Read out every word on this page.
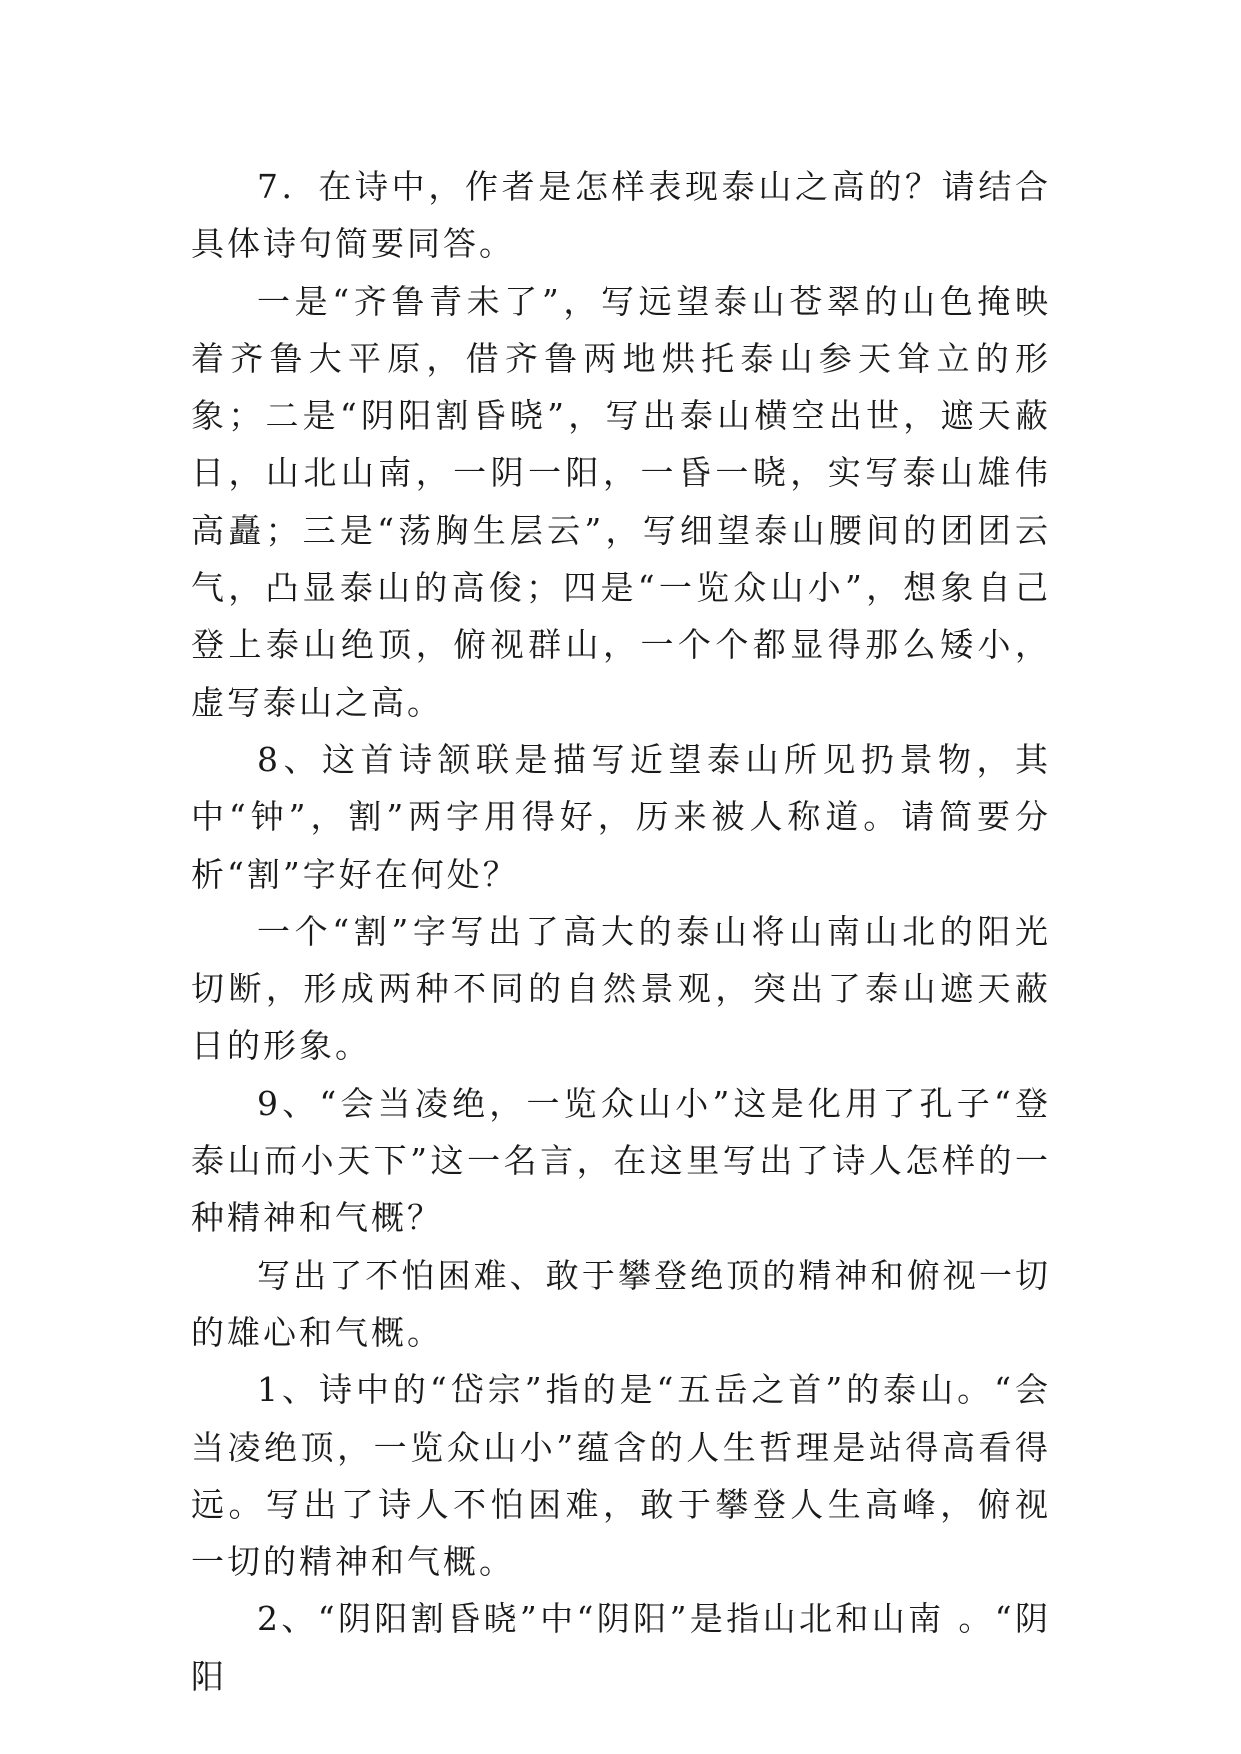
7．在诗中，作者是怎样表现泰山之高的？请结合具体诗句简要同答。

一是“齐鲁青未了”，写远望泰山苍翠的山色掩映着齐鲁大平原，借齐鲁两地烘托泰山参天耸立的形象；二是“阴阳割昏晓”，写出泰山横空出世，遮天蔽日，山北山南，一阴一阳，一昏一晓，实写泰山雄伟高矗；三是“荡胸生层云”，写细望泰山腰间的团团云气，凸显泰山的高俊；四是“一览众山小”，想象自己登上泰山绝顶，俯视群山，一个个都显得那么矮小，虚写泰山之高。

8、这首诗颔联是描写近望泰山所见扔景物，其中“钟”，割”两字用得好，历来被人称道。请简要分析“割”字好在何处？

一个“割”字写出了高大的泰山将山南山北的阳光切断，形成两种不同的自然景观，突出了泰山遮天蔽日的形象。

9、“会当凌绝，一览众山小”这是化用了孔子“登泰山而小天下”这一名言，在这里写出了诗人怎样的一种精神和气概？

写出了不怕困难、敢于攀登绝顶的精神和俯视一切的雄心和气概。

1、诗中的“岱宗”指的是“五岳之首”的泰山。“会当凌绝顶，一览众山小”蕴含的人生哲理是站得高看得远。写出了诗人不怕困难，敢于攀登人生高峰，俯视一切的精神和气概。

2、“阴阳割昏晓”中“阴阳”是指山北和山南 。“阴阳
